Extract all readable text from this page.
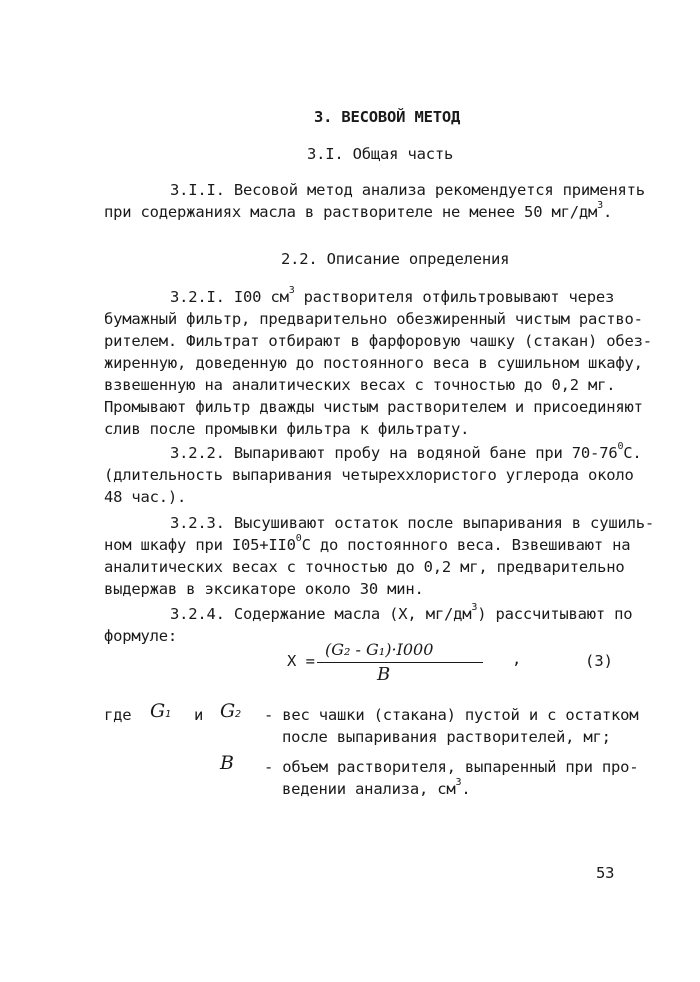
3. ВЕСОВОЙ МЕТОД
3.I. Общая часть
3.I.I. Весовой метод анализа рекомендуется применять
при содержаниях масла в растворителе не менее 50 $мг/дм^3$.
2.2. Описание определения
3.2.I. I00 $см^3$ растворителя отфильтровывают через
бумажный фильтр, предварительно обезжиренный чистым раство-
рителем. Фильтрат отбирают в фарфоровую чашку (стакан) обез-
жиренную, доведенную до постоянного веса в сушильном шкафу,
взвешенную на аналитических весах с точностью до 0,2 мг.
Промывают фильтр дважды чистым растворителем и присоединяют
слив после промывки фильтра к фильтрату.
3.2.2. Выпаривают пробу на водяной бане при $70-76^0С$.
(длительность выпаривания четыреххлористого углерода около
48 час.).
3.2.3. Высушивают остаток после выпаривания в сушиль-
ном шкафу при $I05+II0^0С$ до постоянного веса. Взвешивают на
аналитических весах с точностью до 0,2 мг, предварительно
выдержав в эксикаторе около 30 мин.
3.2.4. Содержание масла (X, $мг/дм^3$) рассчитывают по
формуле:
X =
(G₂ - G₁)·I000
B
,	(3)
где G1 и G2 - вес чашки (стакана) пустой и с остатком
после выпаривания растворителей, мг;
B - объем растворителя, выпаренный при про-
ведении анализа, $см^3$.
53
